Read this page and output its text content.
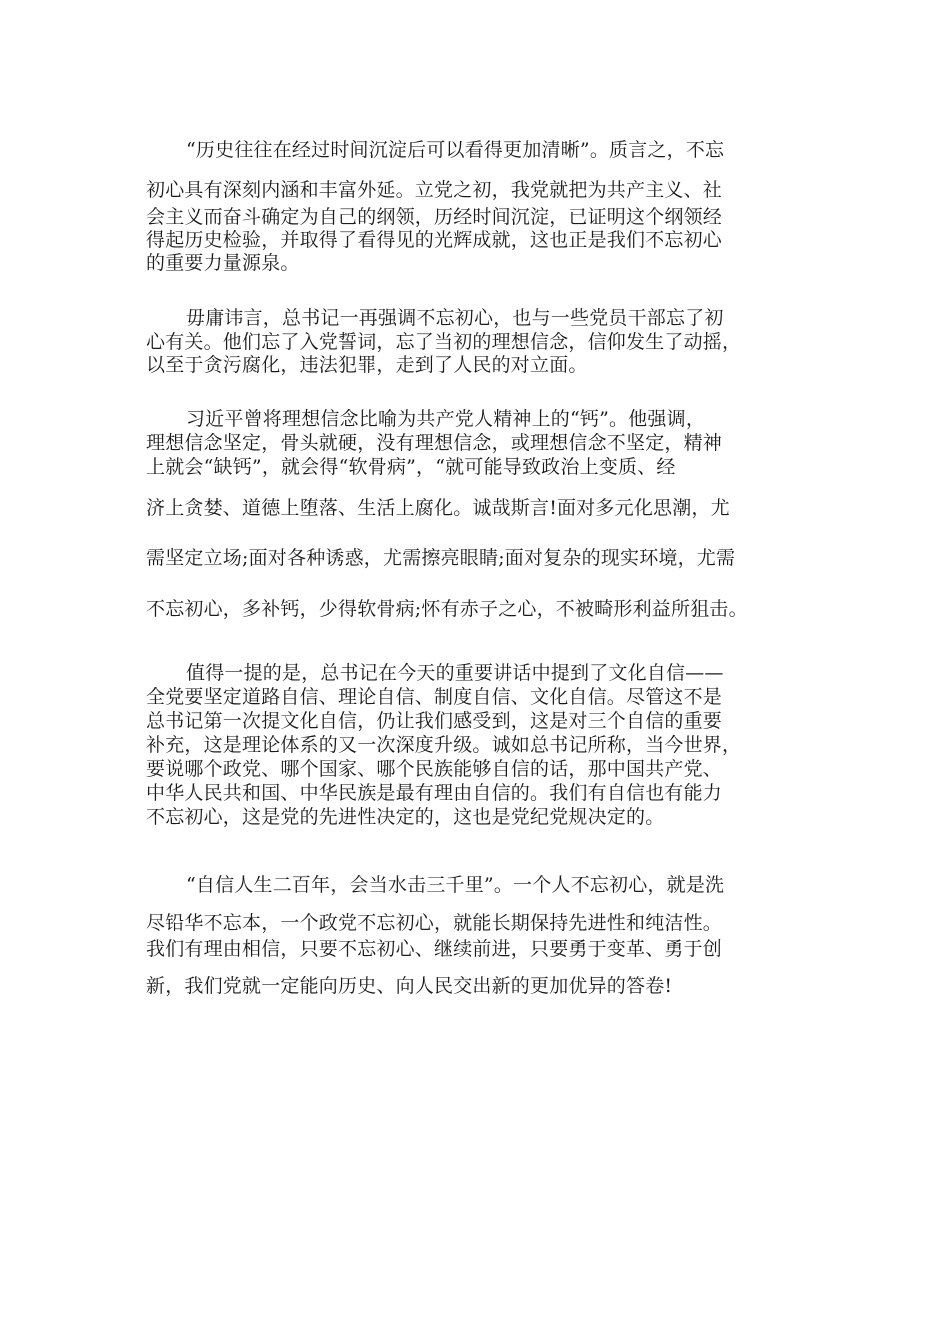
“历史往往在经过时间沉淀后可以看得更加清晰”。质言之，不忘
初心具有深刻内涵和丰富外延。立党之初，我党就把为共产主义、社
会主义而奋斗确定为自己的纲领，历经时间沉淀，已证明这个纲领经
得起历史检验，并取得了看得见的光辉成就，这也正是我们不忘初心
的重要力量源泉。
毋庸讳言，总书记一再强调不忘初心，也与一些党员干部忘了初
心有关。他们忘了入党誓词，忘了当初的理想信念，信仰发生了动摇，
以至于贪污腐化，违法犯罪，走到了人民的对立面。
习近平曾将理想信念比喻为共产党人精神上的“钙”。他强调，
理想信念坚定，骨头就硬，没有理想信念，或理想信念不坚定，精神
上就会“缺钙”，就会得“软骨病”，“就可能导致政治上变质、经
济上贪婪、道德上堕落、生活上腐化。诚哉斯言!面对多元化思潮，尤
需坚定立场;面对各种诱惑，尤需擦亮眼睛;面对复杂的现实环境，尤需
不忘初心，多补钙，少得软骨病;怀有赤子之心，不被畸形利益所狙击。
值得一提的是，总书记在今天的重要讲话中提到了文化自信——
全党要坚定道路自信、理论自信、制度自信、文化自信。尽管这不是
总书记第一次提文化自信，仍让我们感受到，这是对三个自信的重要
补充，这是理论体系的又一次深度升级。诚如总书记所称，当今世界，
要说哪个政党、哪个国家、哪个民族能够自信的话，那中国共产党、
中华人民共和国、中华民族是最有理由自信的。我们有自信也有能力
不忘初心，这是党的先进性决定的，这也是党纪党规决定的。
“自信人生二百年，会当水击三千里”。一个人不忘初心，就是洗
尽铅华不忘本，一个政党不忘初心，就能长期保持先进性和纯洁性。
我们有理由相信，只要不忘初心、继续前进，只要勇于变革、勇于创
新，我们党就一定能向历史、向人民交出新的更加优异的答卷!
